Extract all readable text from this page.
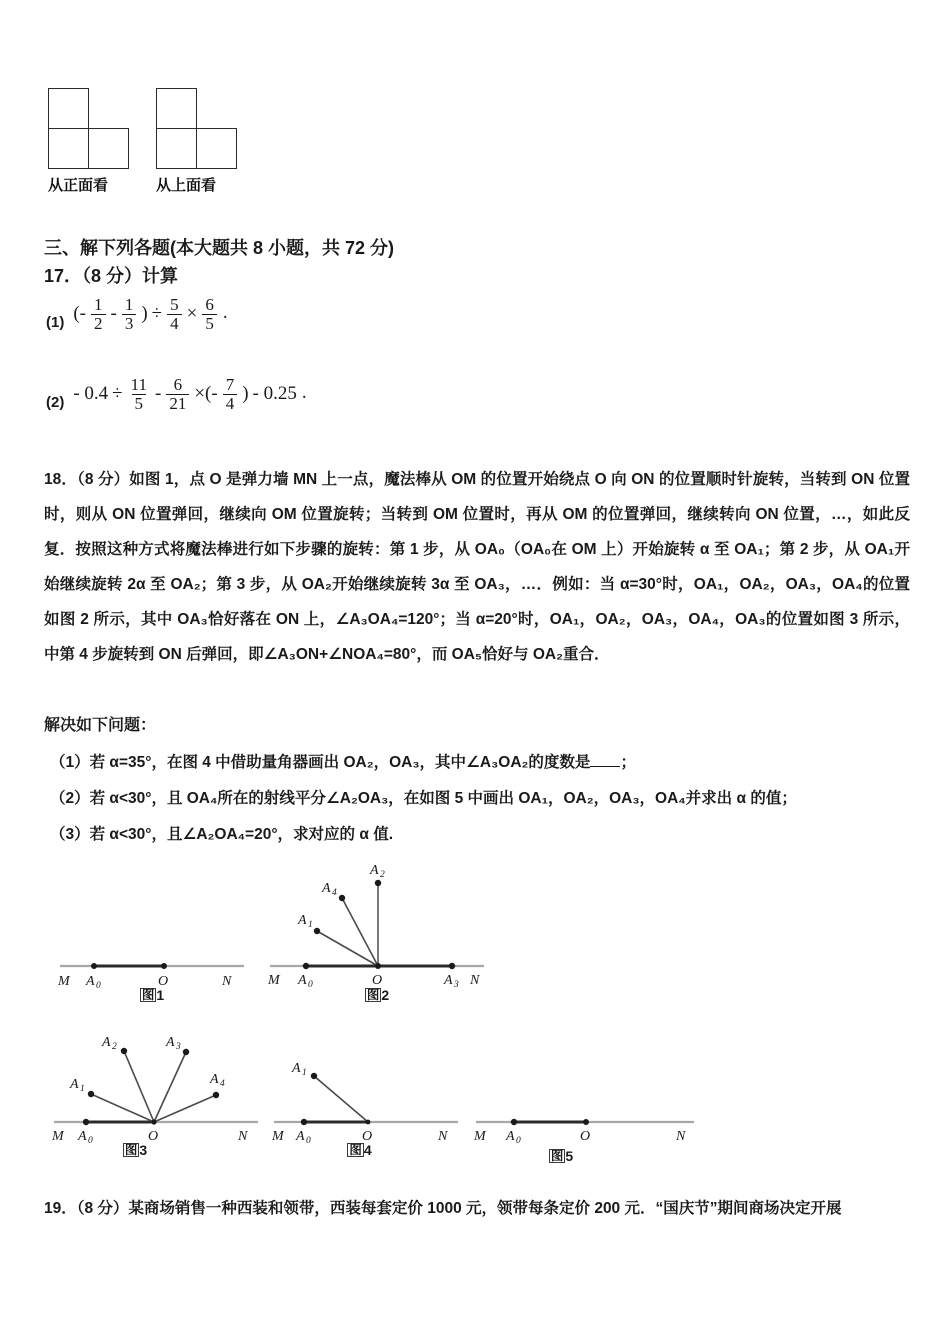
从正面看
	从上面看
三、解下列各题(本大题共 8 小题，共 72 分)
17．（8 分）计算
(1) (- $\frac{1}{2} - \frac{1}{3}$ ) ÷ $\frac{5}{4} \times \frac{6}{5}$ .
$(2) - 0.4 \div \frac{11}{5} - \frac{6}{21}$ ×(- $\frac{7}{4}$ ) - 0.25 .
18．（8 分）如图 1，点 O 是弹力墙 MN 上一点，魔法棒从 OM 的位置开始绕点 O 向 ON 的位置顺时针旋转，当转到 ON 位置时，则从 ON 位置弹回，继续向 OM 位置旋转；当转到 OM 位置时，再从 OM 的位置弹回，继续转向 ON 位置，…，如此反复．按照这种方式将魔法棒进行如下步骤的旋转：第 1 步，从 OA₀（OA₀在 OM 上）开始旋转 α 至 OA₁；第 2 步，从 OA₁开始继续旋转 2α 至 OA₂；第 3 步，从 OA₂开始继续旋转 3α 至 OA₃，…．例如：当 α=30°时，OA₁，OA₂，OA₃，OA₄的位置如图 2 所示，其中 OA₃恰好落在 ON 上，∠A₃OA₄=120°；当 α=20°时，OA₁，OA₂，OA₃，OA₄，OA₃的位置如图 3 所示，中第 4 步旋转到 ON 后弹回，即∠A₃ON+∠NOA₄=80°，而 OA₅恰好与 OA₂重合．
解决如下问题：
（1）若 α=35°，在图 4 中借助量角器画出 OA₂，OA₃，其中∠A₃OA₂的度数是 ；
（2）若 α<30°，且 OA₄所在的射线平分∠A₂OA₃，在如图 5 中画出 OA₁，OA₂，OA₃，OA₄并求出 α 的值；
（3）若 α<30°，且∠A₂OA₄=20°，求对应的 α 值.
M A 0	O	N
图 1
M A 0	O	A 3 N
A 1
A 2
A 4
图 2
M A 0	O	N
A 1
A 2	A 3
A 4
图 3
M A 0	O	N
A 1
图 4
M A 0	O	N
图 5
19．（8 分）某商场销售一种西装和领带，西装每套定价 1000 元，领带每条定价 200 元．“国庆节”期间商场决定开展
